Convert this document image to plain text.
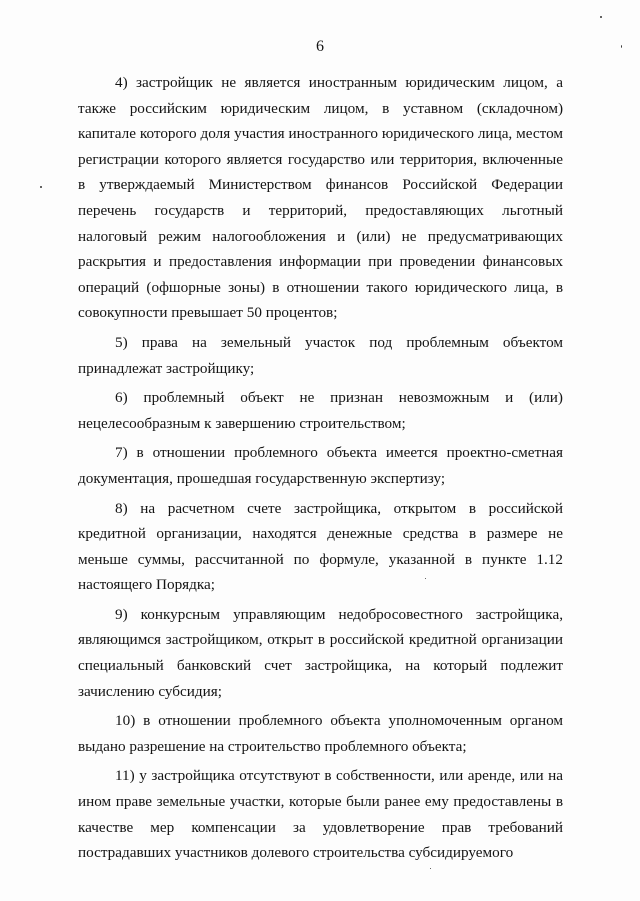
6

4) застройщик не является иностранным юридическим лицом, а также российским юридическим лицом, в уставном (складочном) капитале которого доля участия иностранного юридического лица, местом регистрации которого является государство или территория, включенные в утверждаемый Министерством финансов Российской Федерации перечень государств и территорий, предоставляющих льготный налоговый режим налогообложения и (или) не предусматривающих раскрытия и предоставления информации при проведении финансовых операций (офшорные зоны) в отношении такого юридического лица, в совокупности превышает 50 процентов;

5) права на земельный участок под проблемным объектом принадлежат застройщику;

6) проблемный объект не признан невозможным и (или) нецелесообразным к завершению строительством;

7) в отношении проблемного объекта имеется проектно-сметная документация, прошедшая государственную экспертизу;

8) на расчетном счете застройщика, открытом в российской кредитной организации, находятся денежные средства в размере не меньше суммы, рассчитанной по формуле, указанной в пункте 1.12 настоящего Порядка;

9) конкурсным управляющим недобросовестного застройщика, являющимся застройщиком, открыт в российской кредитной организации специальный банковский счет застройщика, на который подлежит зачислению субсидия;

10) в отношении проблемного объекта уполномоченным органом выдано разрешение на строительство проблемного объекта;

11) у застройщика отсутствуют в собственности, или аренде, или на ином праве земельные участки, которые были ранее ему предоставлены в качестве мер компенсации за удовлетворение прав требований пострадавших участников долевого строительства субсидируемого
